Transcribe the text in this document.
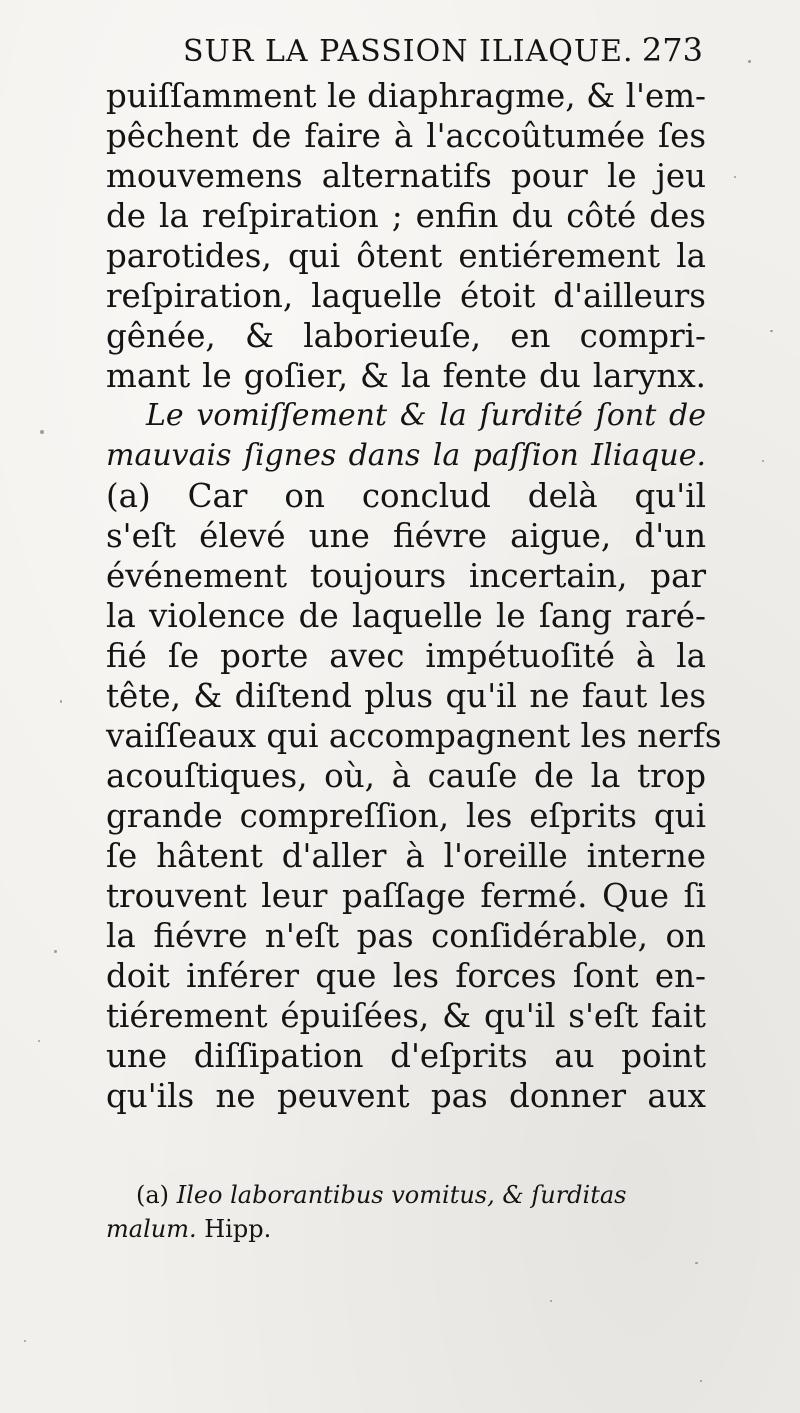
SUR LA PASSION ILIAQUE. 273
puiſſamment le diaphragme, & l'em-
pêchent de faire à l'accoûtumée ſes
mouvemens alternatifs pour le jeu
de la reſpiration ; enfin du côté des
parotides, qui ôtent entiérement la
reſpiration, laquelle étoit d'ailleurs
gênée, & laborieuſe, en compri-
mant le goſier, & la fente du larynx.
Le vomiſſement & la ſurdité ſont de
mauvais ſignes dans la paſſion Iliaque.
(a) Car on conclud delà qu'il
s'eſt élevé une fiévre aigue, d'un
événement toujours incertain, par
la violence de laquelle le ſang raré-
fié ſe porte avec impétuoſité à la
tête, & diſtend plus qu'il ne faut les
vaiſſeaux qui accompagnent les nerfs
acouſtiques, où, à cauſe de la trop
grande compreſſion, les eſprits qui
ſe hâtent d'aller à l'oreille interne
trouvent leur paſſage fermé. Que ſi
la fiévre n'eſt pas conſidérable, on
doit inférer que les forces ſont en-
tiérement épuiſées, & qu'il s'eſt fait
une diſſipation d'eſprits au point
qu'ils ne peuvent pas donner aux
(a) Ileo laborantibus vomitus, & ſurditas
malum. Hipp.
